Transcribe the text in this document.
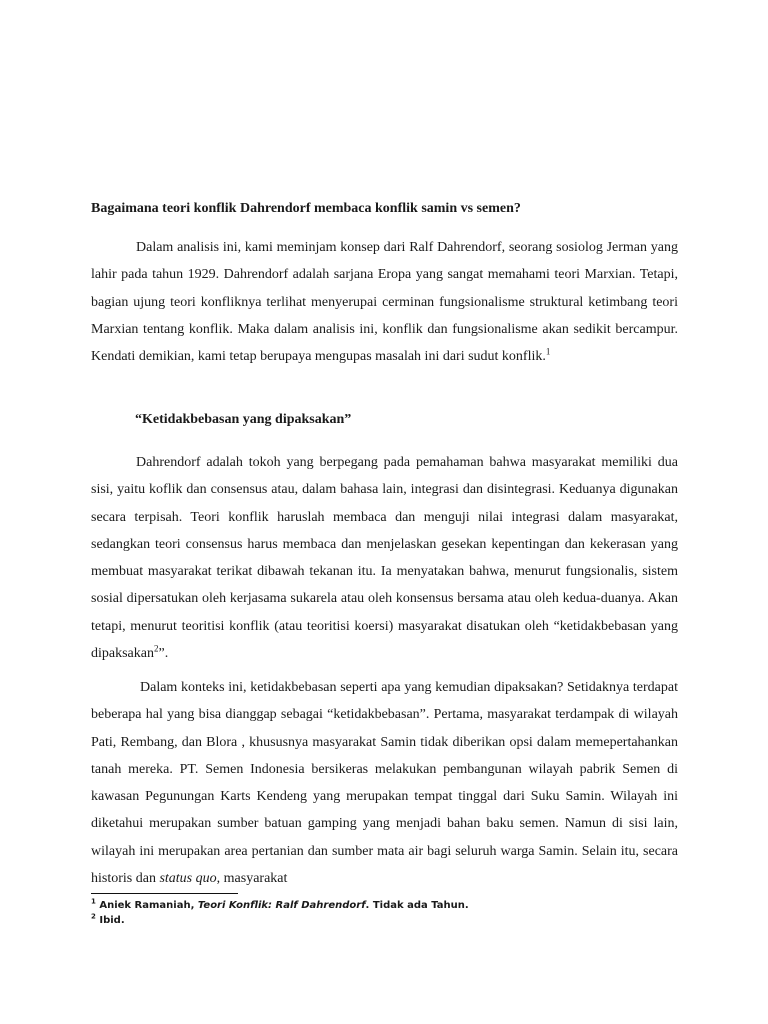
Bagaimana teori konflik Dahrendorf membaca konflik samin vs semen?

Dalam analisis ini, kami meminjam konsep dari Ralf Dahrendorf, seorang sosiolog Jerman yang lahir pada tahun 1929. Dahrendorf adalah sarjana Eropa yang sangat memahami teori Marxian. Tetapi, bagian ujung teori konfliknya terlihat menyerupai cerminan fungsionalisme struktural ketimbang teori Marxian tentang konflik. Maka dalam analisis ini, konflik dan fungsionalisme akan sedikit bercampur. Kendati demikian, kami tetap berupaya mengupas masalah ini dari sudut konflik.$^1$

“Ketidakbebasan yang dipaksakan”

Dahrendorf adalah tokoh yang berpegang pada pemahaman bahwa masyarakat memiliki dua sisi, yaitu koflik dan consensus atau, dalam bahasa lain, integrasi dan disintegrasi. Keduanya digunakan secara terpisah. Teori konflik haruslah membaca dan menguji nilai integrasi dalam masyarakat, sedangkan teori consensus harus membaca dan menjelaskan gesekan kepentingan dan kekerasan yang membuat masyarakat terikat dibawah tekanan itu. Ia menyatakan bahwa, menurut fungsionalis, sistem sosial dipersatukan oleh kerjasama sukarela atau oleh konsensus bersama atau oleh kedua-duanya. Akan tetapi, menurut teoritisi konflik (atau teoritisi koersi) masyarakat disatukan oleh “ketidakbebasan yang dipaksakan$^2$”.

Dalam konteks ini, ketidakbebasan seperti apa yang kemudian dipaksakan? Setidaknya terdapat beberapa hal yang bisa dianggap sebagai “ketidakbebasan”. Pertama, masyarakat terdampak di wilayah Pati, Rembang, dan Blora , khususnya masyarakat Samin tidak diberikan opsi dalam memepertahankan tanah mereka. PT. Semen Indonesia bersikeras melakukan pembangunan wilayah pabrik Semen di kawasan Pegunungan Karts Kendeng yang merupakan tempat tinggal dari Suku Samin. Wilayah ini diketahui merupakan sumber batuan gamping yang menjadi bahan baku semen. Namun di sisi lain, wilayah ini merupakan area pertanian dan sumber mata air bagi seluruh warga Samin. Selain itu, secara historis dan status quo, masyarakat

$^1$ Aniek Ramaniah, Teori Konflik: Ralf Dahrendorf. Tidak ada Tahun.
$^2$ Ibid.
